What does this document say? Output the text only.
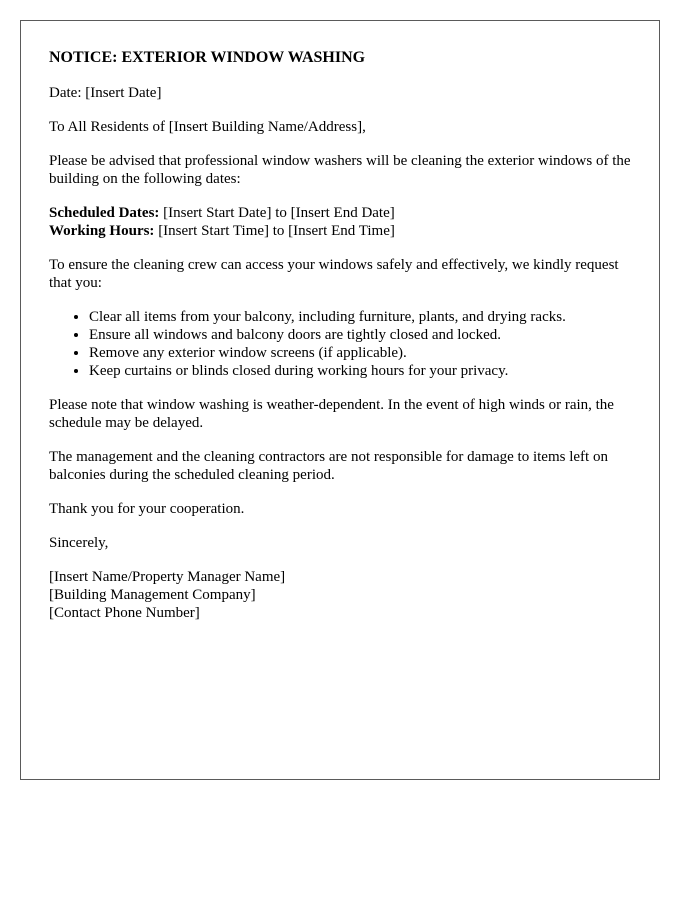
NOTICE: EXTERIOR WINDOW WASHING

Date: [Insert Date]

To All Residents of [Insert Building Name/Address],

Please be advised that professional window washers will be cleaning the exterior windows of the building on the following dates:

Scheduled Dates: [Insert Start Date] to [Insert End Date]
Working Hours: [Insert Start Time] to [Insert End Time]

To ensure the cleaning crew can access your windows safely and effectively, we kindly request that you:

• Clear all items from your balcony, including furniture, plants, and drying racks.
• Ensure all windows and balcony doors are tightly closed and locked.
• Remove any exterior window screens (if applicable).
• Keep curtains or blinds closed during working hours for your privacy.

Please note that window washing is weather-dependent. In the event of high winds or rain, the schedule may be delayed.

The management and the cleaning contractors are not responsible for damage to items left on balconies during the scheduled cleaning period.

Thank you for your cooperation.

Sincerely,

[Insert Name/Property Manager Name]
[Building Management Company]
[Contact Phone Number]
